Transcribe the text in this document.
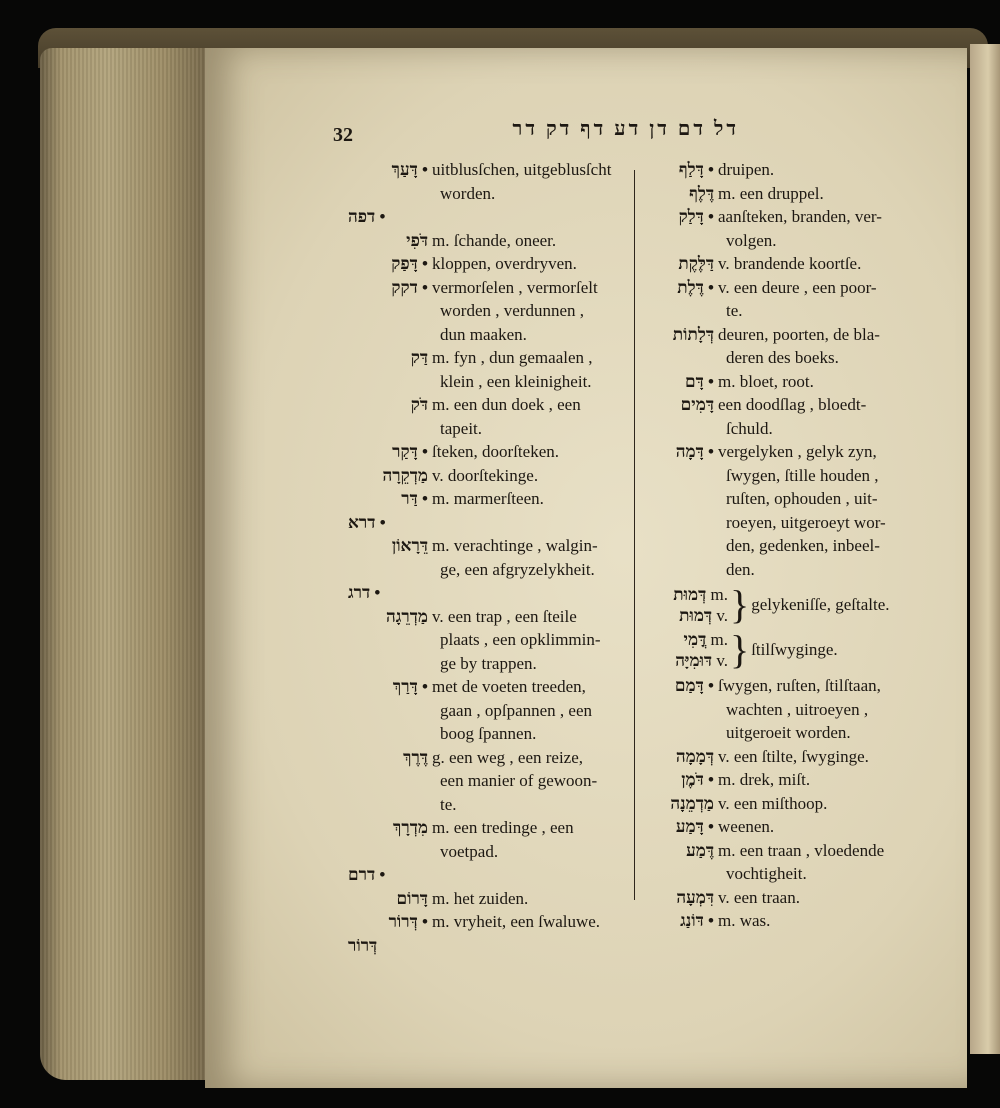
32	דל דם דן דע דף דק דר
• דָּעַךְ uitblusſchen, uitgeblusſcht
worden.
• דפה
דֹּפִי m. ſchande, oneer.
• דָּפַק kloppen, overdryven.
• דקק vermorſelen , vermorſelt
worden , verdunnen ,
dun maaken.
דַּק m. fyn , dun gemaalen ,
klein , een kleinigheit.
דֹּק m. een dun doek , een
tapeit.
• דָּקַר ſteken, doorſteken.
מַדְקֵרָה v. doorſtekinge.
• דַּר m. marmerſteen.
• דרא
דֵּרָאוֹן m. verachtinge , walgin-
ge, een afgryzelykheit.
• דרג
מַדְרֵגָה v. een trap , een ſteile
plaats , een opklimmin-
ge by trappen.
• דָּרַךְ met de voeten treeden,
gaan , opſpannen , een
boog ſpannen.
דֶּרֶךְ g. een weg , een reize,
een manier of gewoon-
te.
מִדְרָךְ m. een tredinge , een
voetpad.
• דרם
דָּרוֹם m. het zuiden.
• דְּרוֹר m. vryheit, een ſwaluwe.
דְּרוֹר
• דָּלַף druipen.
דֶּלֶף m. een druppel.
• דָּלַק aanſteken, branden, ver-
volgen.
דַּלֶּקֶת v. brandende koortſe.
• דֶּלֶת v. een deure , een poor-
te.
דְּלָתוֹת deuren, poorten, de bla-
deren des boeks.
• דָּם m. bloet, root.
דָּמִים een doodſlag , bloedt-
ſchuld.
• דָּמָה vergelyken , gelyk zyn,
ſwygen, ſtille houden ,
ruſten, ophouden , uit-
roeyen, uitgeroeyt wor-
den, gedenken, inbeel-
den.
דְּמוּת m.
דְּמוּת v. } gelykeniſſe, geſtalte.
דֳּמִי m.
דּוּמִיָּה v. } ſtilſwyginge.
• דָּמַם ſwygen, ruſten, ſtilſtaan,
wachten , uitroeyen ,
uitgeroeit worden.
דְּמָמָה v. een ſtilte, ſwyginge.
• דֹּמֶן m. drek, miſt.
מַדְמֵנָה v. een miſthoop.
• דָּמַע weenen.
דֶּמַע m. een traan , vloedende
vochtigheit.
דִּמְעָה v. een traan.
• דּוֹנַג m. was.
